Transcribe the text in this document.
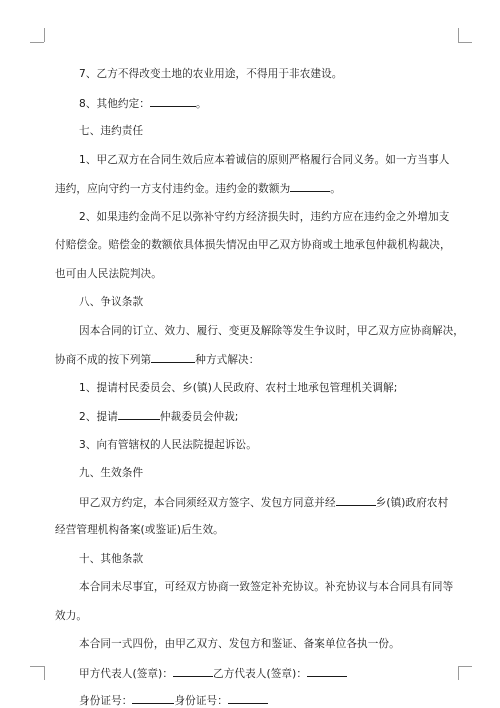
7、乙方不得改变土地的农业用途，不得用于非农建设。
8、其他约定：	。
七、违约责任
1、甲乙双方在合同生效后应本着诚信的原则严格履行合同义务。如一方当事人
违约，应向守约一方支付违约金。违约金的数额为	。
2、如果违约金尚不足以弥补守约方经济损失时，违约方应在违约金之外增加支
付赔偿金。赔偿金的数额依具体损失情况由甲乙双方协商或土地承包仲裁机构裁决，
也可由人民法院判决。
八、争议条款
因本合同的订立、效力、履行、变更及解除等发生争议时，甲乙双方应协商解决，
协商不成的按下列第	种方式解决：
1、提请村民委员会、乡(镇)人民政府、农村土地承包管理机关调解;
2、提请	仲裁委员会仲裁;
3、向有管辖权的人民法院提起诉讼。
九、生效条件
甲乙双方约定，本合同须经双方签字、发包方同意并经	乡(镇)政府农村
经营管理机构备案(或鉴证)后生效。
十、其他条款
本合同未尽事宜，可经双方协商一致签定补充协议。补充协议与本合同具有同等
效力。
本合同一式四份，由甲乙双方、发包方和鉴证、备案单位各执一份。
甲方代表人(签章)：	乙方代表人(签章)：
身份证号：	身份证号：
